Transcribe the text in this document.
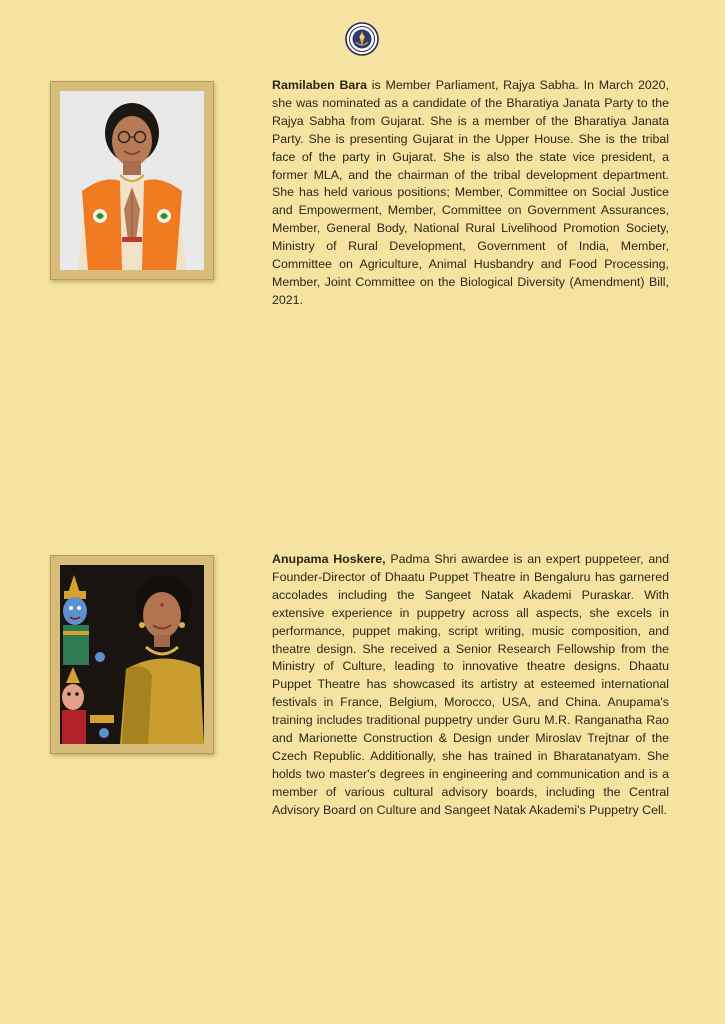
Ramilaben Bara is Member Parliament, Rajya Sabha. In March 2020, she was nominated as a candidate of the Bharatiya Janata Party to the Rajya Sabha from Gujarat. She is a member of the Bharatiya Janata Party. She is presenting Gujarat in the Upper House. She is the tribal face of the party in Gujarat. She is also the state vice president, a former MLA, and the chairman of the tribal development department. She has held various positions; Member, Committee on Social Justice and Empowerment, Member, Committee on Government Assurances, Member, General Body, National Rural Livelihood Promotion Society, Ministry of Rural Development, Government of India, Member, Committee on Agriculture, Animal Husbandry and Food Processing, Member, Joint Committee on the Biological Diversity (Amendment) Bill, 2021.

Anupama Hoskere, Padma Shri awardee is an expert puppeteer, and Founder-Director of Dhaatu Puppet Theatre in Bengaluru has garnered accolades including the Sangeet Natak Akademi Puraskar. With extensive experience in puppetry across all aspects, she excels in performance, puppet making, script writing, music composition, and theatre design. She received a Senior Research Fellowship from the Ministry of Culture, leading to innovative theatre designs. Dhaatu Puppet Theatre has showcased its artistry at esteemed international festivals in France, Belgium, Morocco, USA, and China. Anupama's training includes traditional puppetry under Guru M.R. Ranganatha Rao and Marionette Construction & Design under Miroslav Trejtnar of the Czech Republic. Additionally, she has trained in Bharatanatyam. She holds two master's degrees in engineering and communication and is a member of various cultural advisory boards, including the Central Advisory Board on Culture and Sangeet Natak Akademi's Puppetry Cell.
